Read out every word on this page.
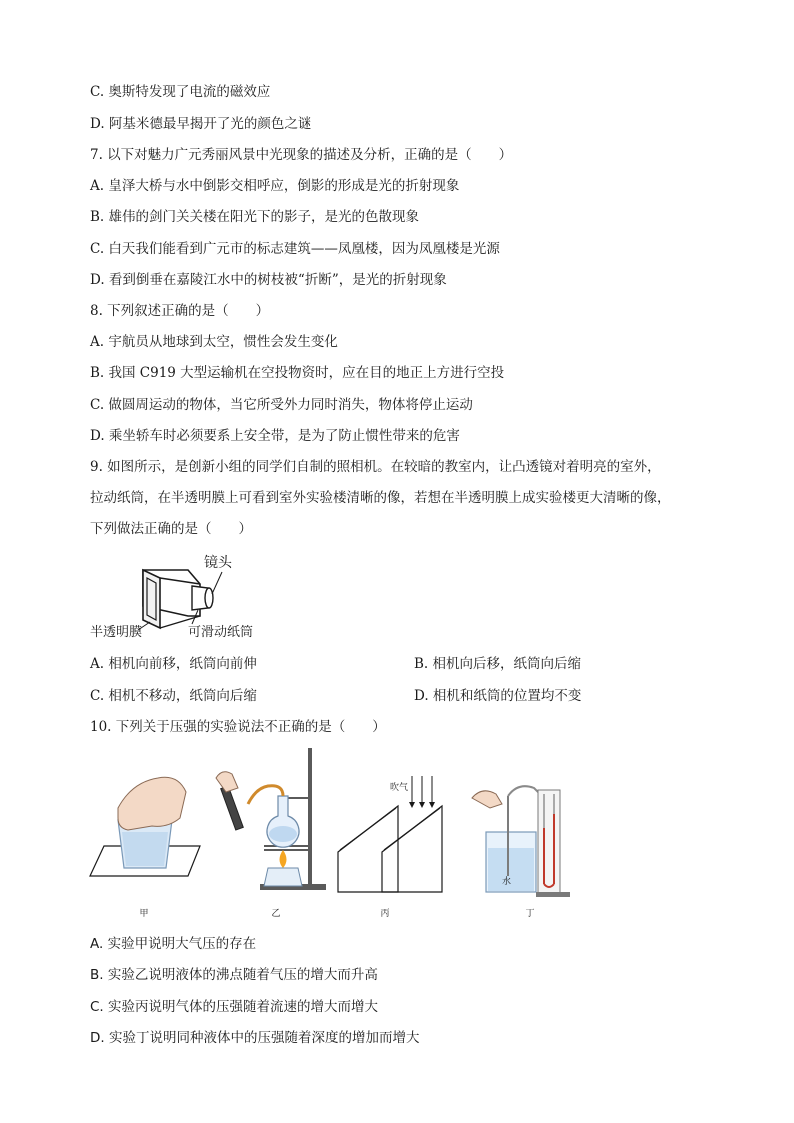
C. 奥斯特发现了电流的磁效应
D. 阿基米德最早揭开了光的颜色之谜
7. 以下对魅力广元秀丽风景中光现象的描述及分析，正确的是（　　）
A. 皇泽大桥与水中倒影交相呼应，倒影的形成是光的折射现象
B. 雄伟的剑门关关楼在阳光下的影子，是光的色散现象
C. 白天我们能看到广元市的标志建筑——凤凰楼，因为凤凰楼是光源
D. 看到倒垂在嘉陵江水中的树枝被“折断”，是光的折射现象
8. 下列叙述正确的是（　　）
A. 宇航员从地球到太空，惯性会发生变化
B. 我国 C919 大型运输机在空投物资时，应在目的地正上方进行空投
C. 做圆周运动的物体，当它所受外力同时消失，物体将停止运动
D. 乘坐轿车时必须要系上安全带，是为了防止惯性带来的危害
9. 如图所示，是创新小组的同学们自制的照相机。在较暗的教室内，让凸透镜对着明亮的室外，
拉动纸筒，在半透明膜上可看到室外实验楼清晰的像，若想在半透明膜上成实验楼更大清晰的像，
下列做法正确的是（　　）
镜头
半透明膜	可滑动纸筒
A. 相机向前移，纸筒向前伸	B. 相机向后移，纸筒向后缩
C. 相机不移动，纸筒向后缩	D. 相机和纸筒的位置均不变
10. 下列关于压强的实验说法不正确的是（　　）
甲	乙
吹气
丙
水
丁
A. 实验甲说明大气压的存在
B. 实验乙说明液体的沸点随着气压的增大而升高
C. 实验丙说明气体的压强随着流速的增大而增大
D. 实验丁说明同种液体中的压强随着深度的增加而增大
